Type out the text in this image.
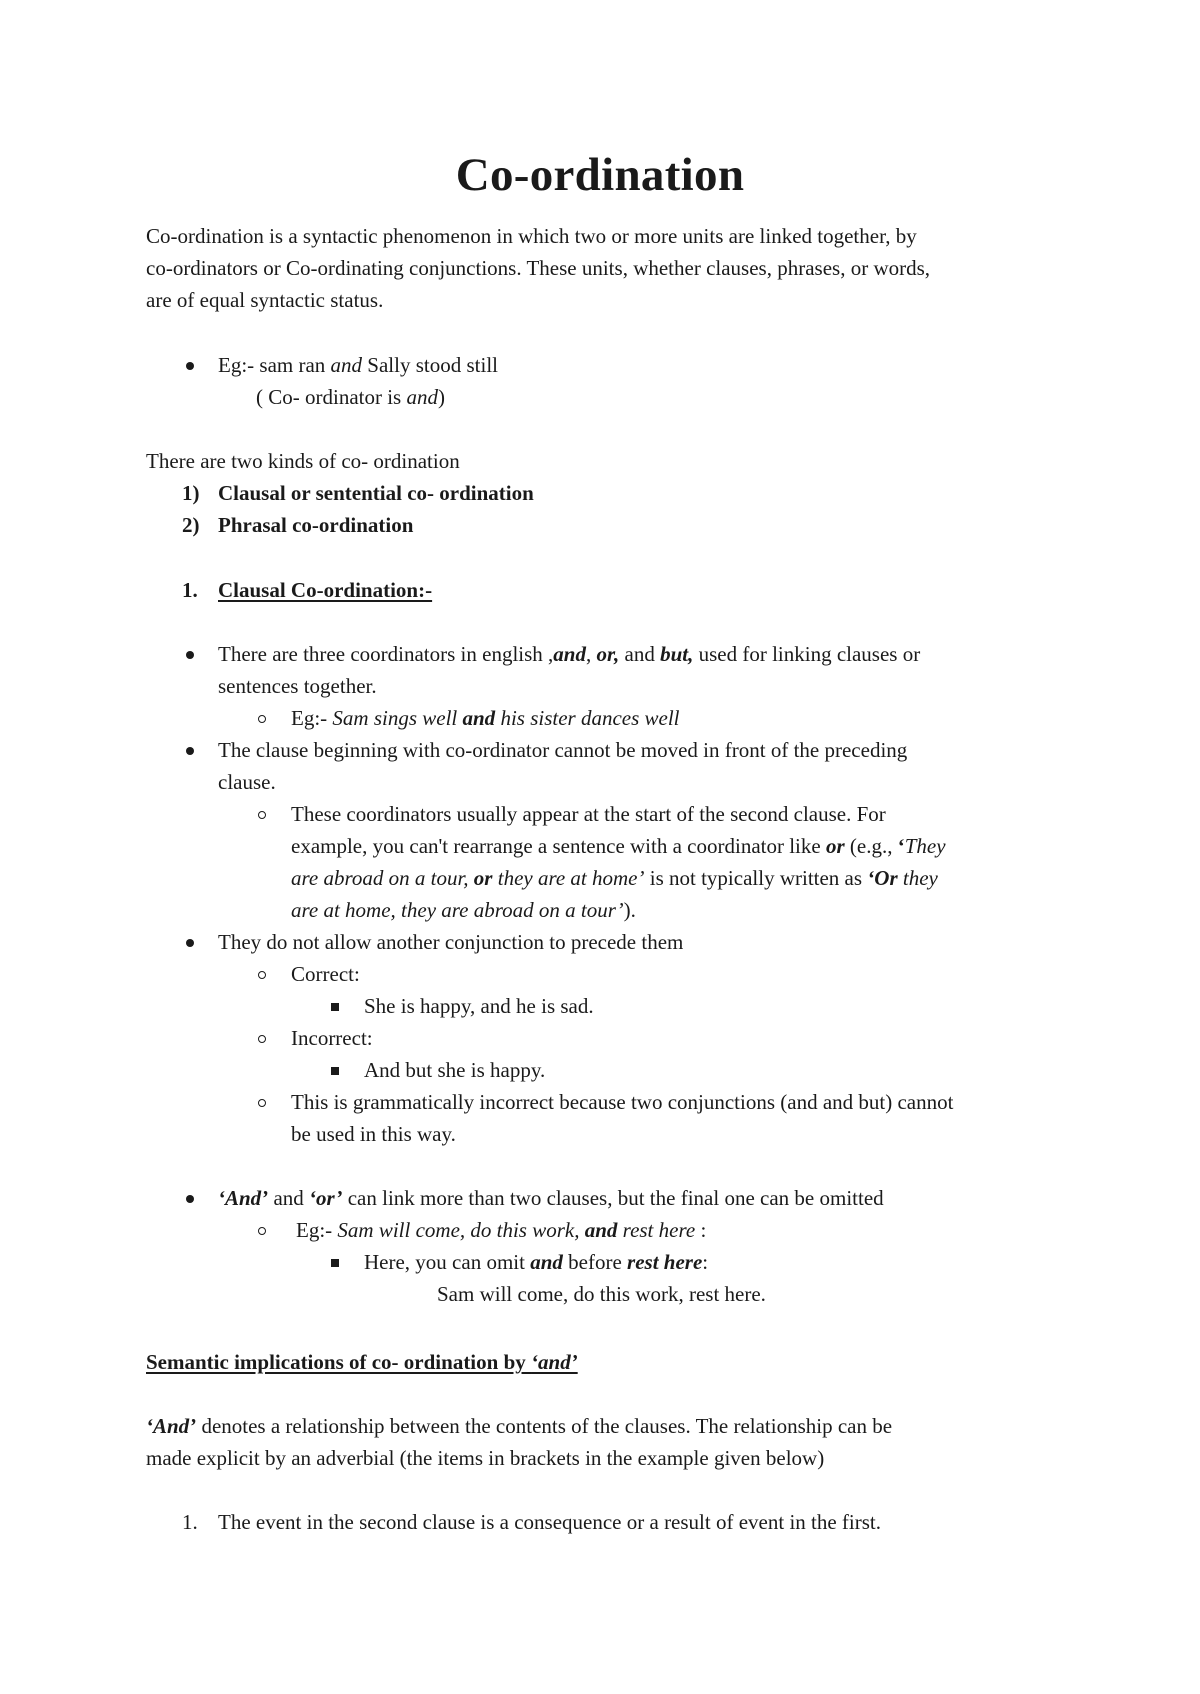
Co-ordination
Co-ordination is a syntactic phenomenon in which two or more units are linked together, by
co-ordinators or Co-ordinating conjunctions. These units, whether clauses, phrases, or words,
are of equal syntactic status.
Eg:- sam ran and Sally stood still
( Co- ordinator is and)
There are two kinds of co- ordination
1) Clausal or sentential co- ordination
2) Phrasal co-ordination
1. Clausal Co-ordination:-
There are three coordinators in english ,and, or, and but, used for linking clauses or
sentences together.
Eg:- Sam sings well and his sister dances well
The clause beginning with co-ordinator cannot be moved in front of the preceding
clause.
These coordinators usually appear at the start of the second clause. For
example, you can't rearrange a sentence with a coordinator like or (e.g., ‘They
are abroad on a tour, or they are at home’ is not typically written as ‘Or they
are at home, they are abroad on a tour’).
They do not allow another conjunction to precede them
Correct:
She is happy, and he is sad.
Incorrect:
And but she is happy.
This is grammatically incorrect because two conjunctions (and and but) cannot
be used in this way.
‘And’ and ‘or’ can link more than two clauses, but the final one can be omitted
Eg:- Sam will come, do this work, and rest here :
Here, you can omit and before rest here:
Sam will come, do this work, rest here.
Semantic implications of co- ordination by ‘and’
‘And’ denotes a relationship between the contents of the clauses. The relationship can be
made explicit by an adverbial (the items in brackets in the example given below)
1. The event in the second clause is a consequence or a result of event in the first.
